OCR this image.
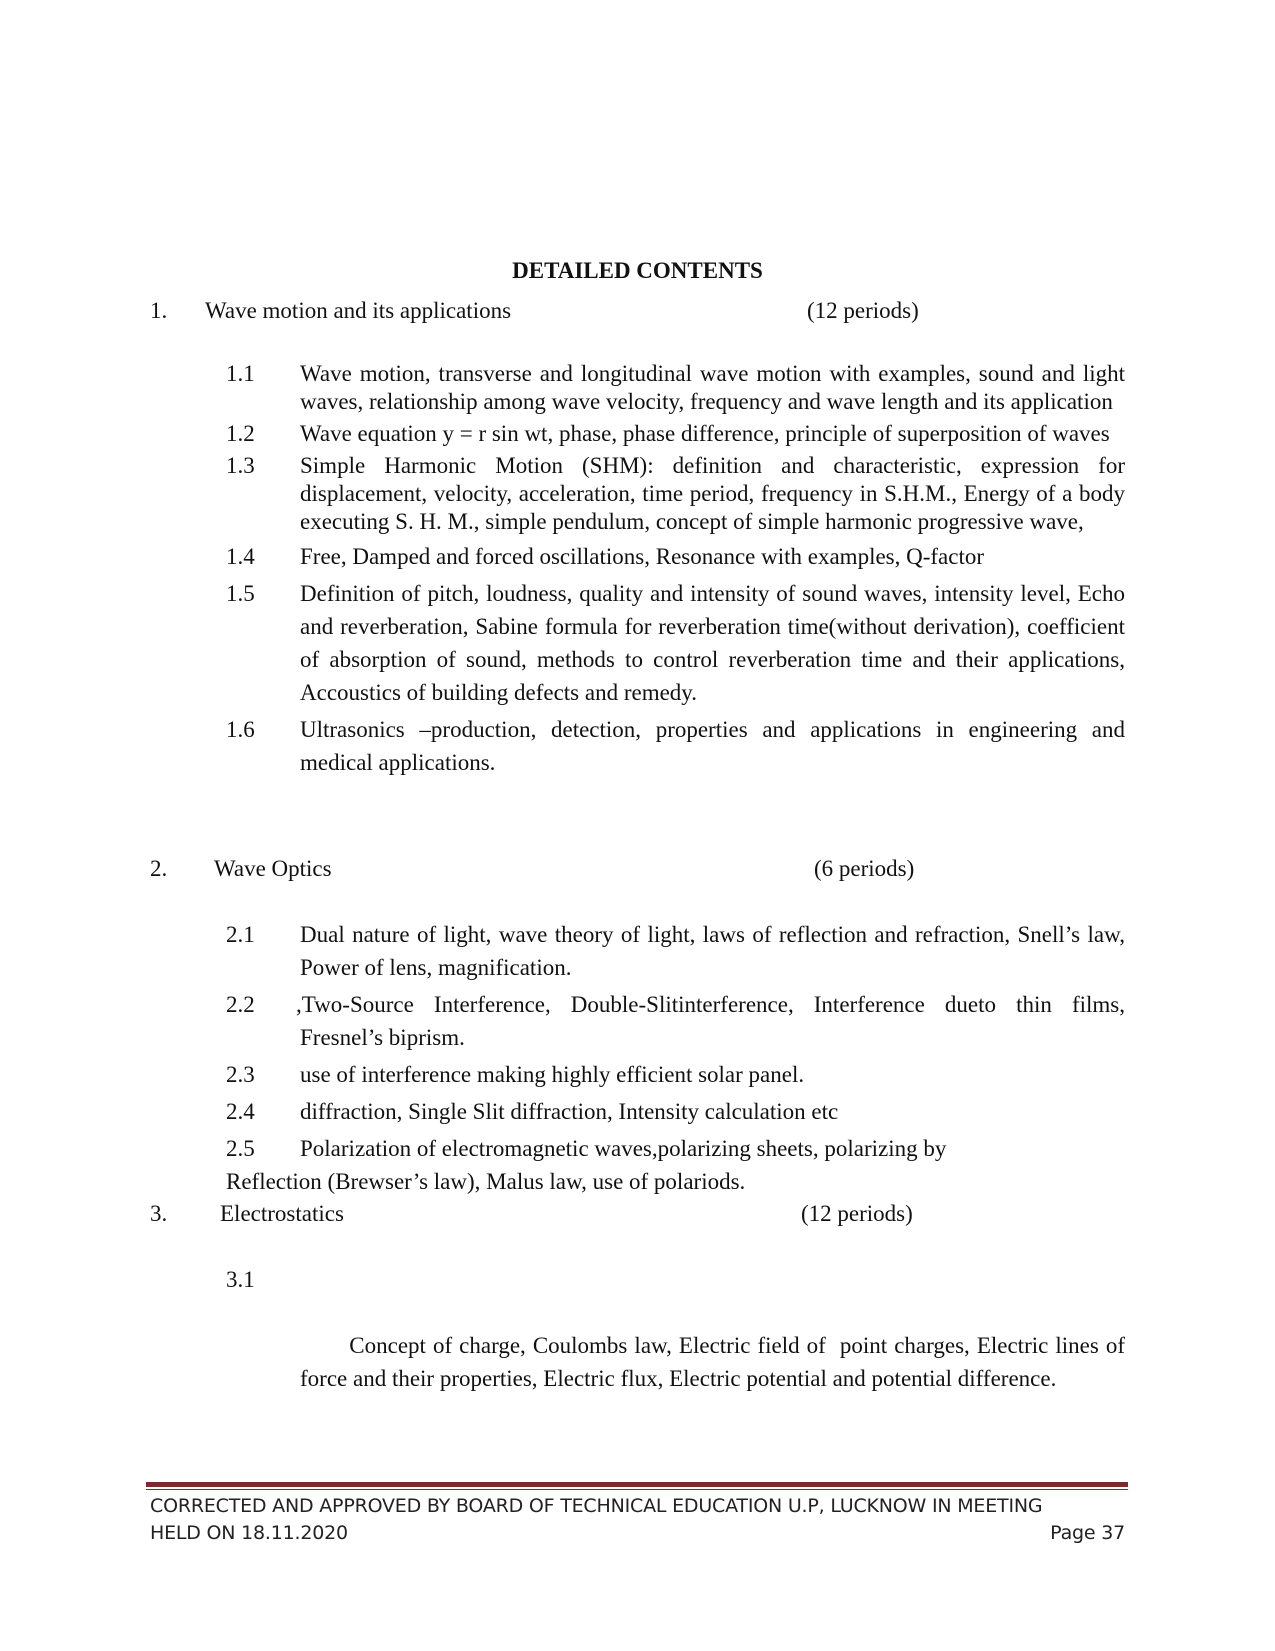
DETAILED CONTENTS
1. Wave motion and its applications	(12 periods)
1.1 Wave motion, transverse and longitudinal wave motion with examples, sound and light waves, relationship among wave velocity, frequency and wave length and its application
1.2 Wave equation y = r sin wt, phase, phase difference, principle of superposition of waves
1.3 Simple Harmonic Motion (SHM): definition and characteristic, expression for displacement, velocity, acceleration, time period, frequency in S.H.M., Energy of a body executing S. H. M., simple pendulum, concept of simple harmonic progressive wave,
1.4 Free, Damped and forced oscillations, Resonance with examples, Q-factor
1.5 Definition of pitch, loudness, quality and intensity of sound waves, intensity level, Echo and reverberation, Sabine formula for reverberation time(without derivation), coefficient of absorption of sound, methods to control reverberation time and their applications, Accoustics of building defects and remedy.
1.6 Ultrasonics –production, detection, properties and applications in engineering and medical applications.
2. Wave Optics	(6 periods)
2.1 Dual nature of light, wave theory of light, laws of reflection and refraction, Snell’s law, Power of lens, magnification.
2.2 ,Two-Source Interference, Double-Slitinterference, Interference dueto thin films, Fresnel’s biprism.
2.3 use of interference making highly efficient solar panel.
2.4 diffraction, Single Slit diffraction, Intensity calculation etc
2.5 Polarization of electromagnetic waves,polarizing sheets, polarizing by Reflection (Brewser’s law), Malus law, use of polariods.
3. Electrostatics	(12 periods)

3.1

Concept of charge, Coulombs law, Electric field of  point charges, Electric lines of force and their properties, Electric flux, Electric potential and potential difference.

CORRECTED AND APPROVED BY BOARD OF TECHNICAL EDUCATION U.P, LUCKNOW IN MEETING
HELD ON 18.11.2020	Page 37
